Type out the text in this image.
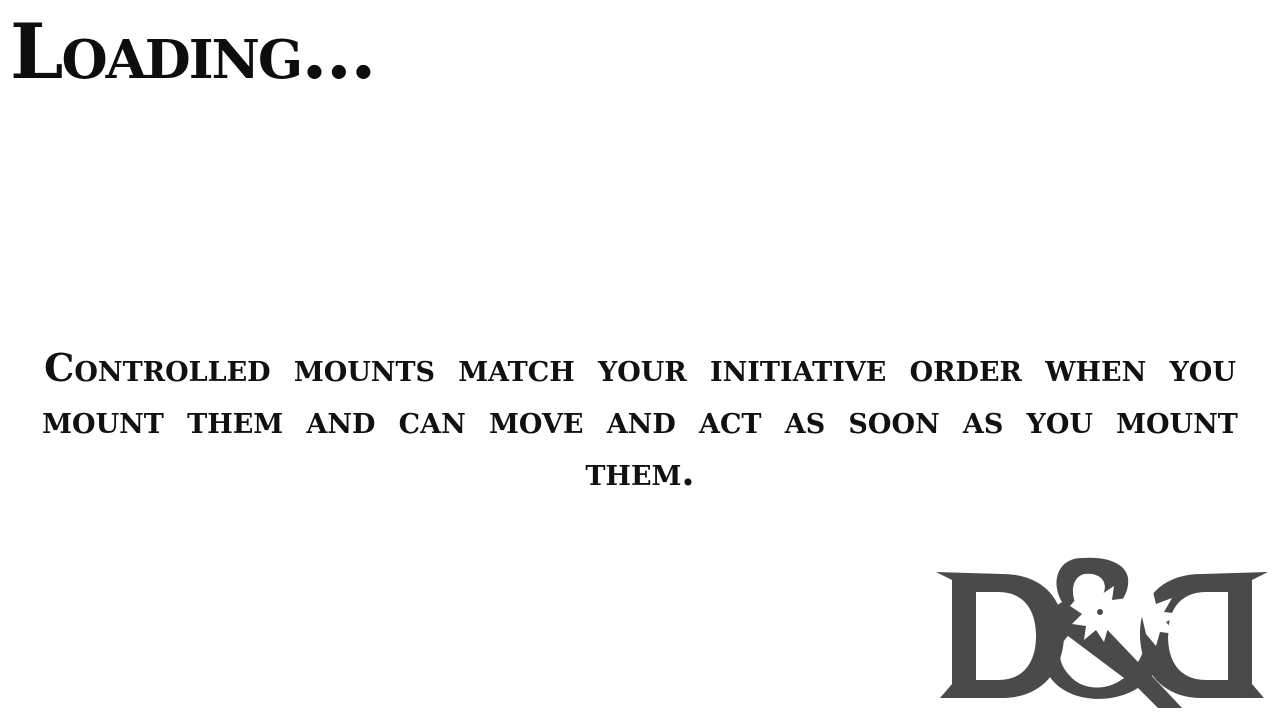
Loading...
Controlled mounts match your initiative order when you
mount them and can move and act as soon as you mount them.
